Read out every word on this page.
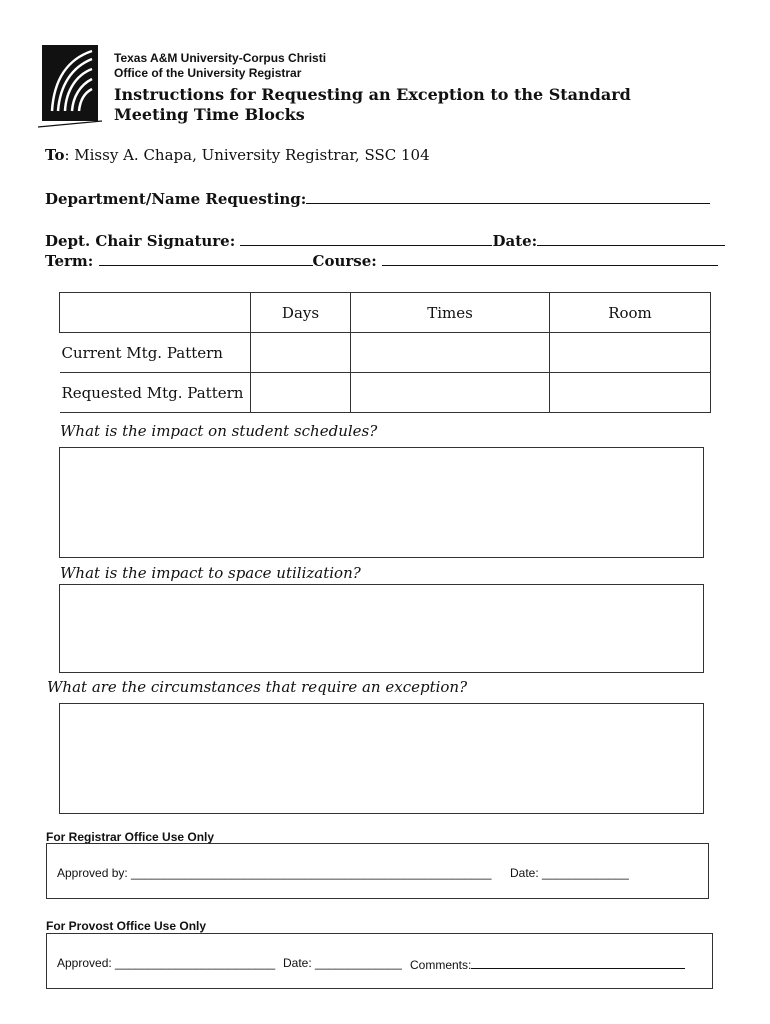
Texas A&M University-Corpus Christi
Office of the University Registrar
Instructions for Requesting an Exception to the Standard
Meeting Time Blocks
To: Missy A. Chapa, University Registrar, SSC 104
Department/Name Requesting:
Dept. Chair Signature:	Date:
Term:	Course:
	Days	Times	Room
Current Mtg. Pattern			
Requested Mtg. Pattern			
What is the impact on student schedules?
What is the impact to space utilization?
What are the circumstances that require an exception?
For Registrar Office Use Only
Approved by: ______________________________________________________ Date: _____________
For Provost Office Use Only
Approved: ________________________ Date: _____________ Comments:
